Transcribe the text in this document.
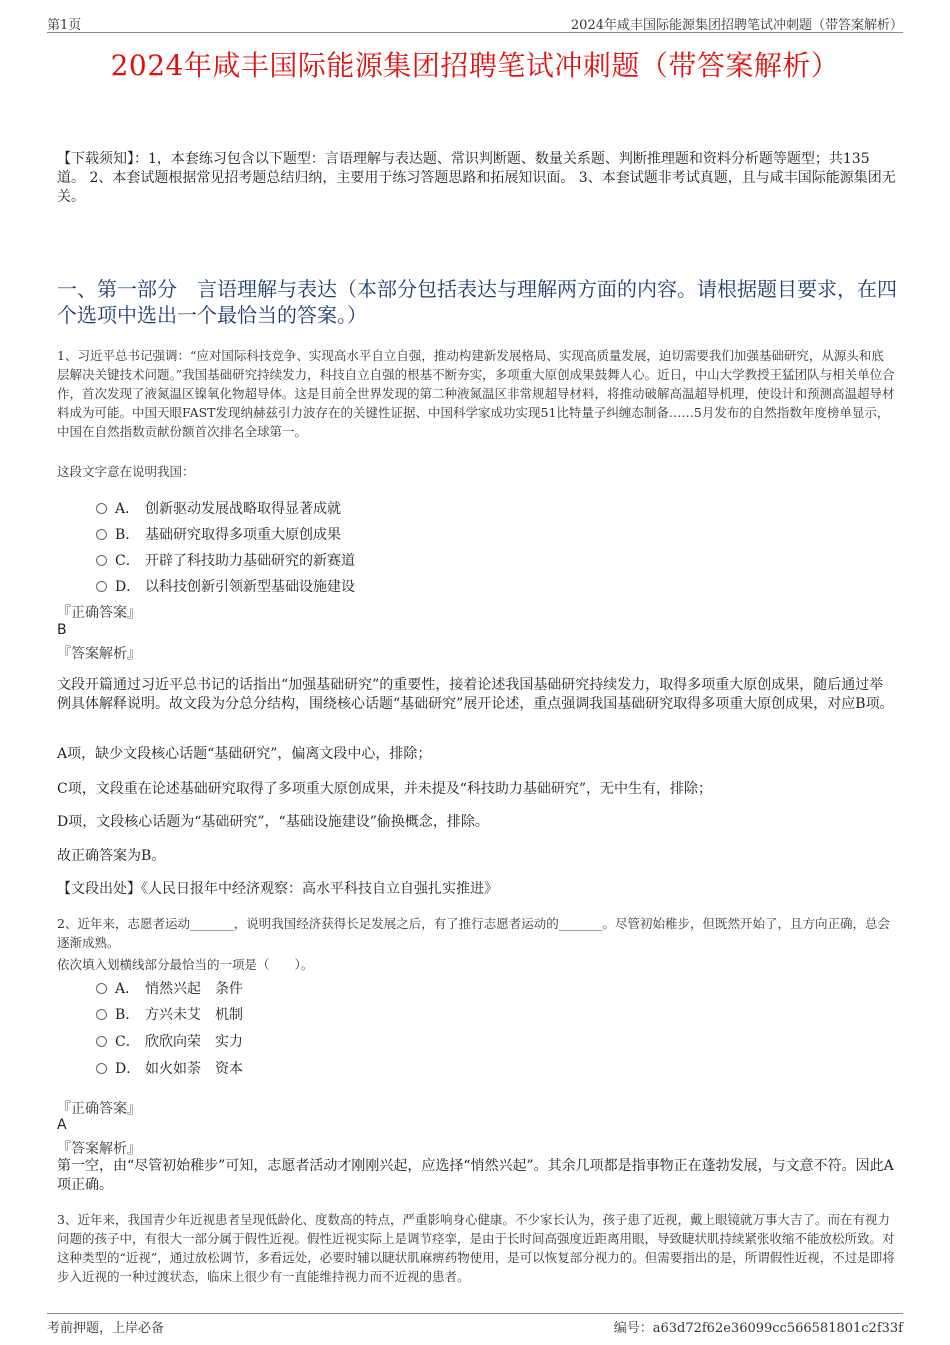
第1页	2024年咸丰国际能源集团招聘笔试冲刺题（带答案解析）
2024年咸丰国际能源集团招聘笔试冲刺题（带答案解析）
【下载须知】：1，本套练习包含以下题型：言语理解与表达题、常识判断题、数量关系题、判断推理题和资料分析题等题型；共135道。 2、本套试题根据常见招考题总结归纳，主要用于练习答题思路和拓展知识面。 3、本套试题非考试真题，且与咸丰国际能源集团无关。
一、第一部分　言语理解与表达（本部分包括表达与理解两方面的内容。请根据题目要求，在四个选项中选出一个最恰当的答案。）
1、习近平总书记强调：“应对国际科技竞争、实现高水平自立自强，推动构建新发展格局、实现高质量发展，迫切需要我们加强基础研究，从源头和底层解决关键技术问题。”我国基础研究持续发力，科技自立自强的根基不断夯实，多项重大原创成果鼓舞人心。近日，中山大学教授王猛团队与相关单位合作，首次发现了液氮温区镍氧化物超导体。这是目前全世界发现的第二种液氮温区非常规超导材料，将推动破解高温超导机理，使设计和预测高温超导材料成为可能。中国天眼FAST发现纳赫兹引力波存在的关键性证据、中国科学家成功实现51比特量子纠缠态制备……5月发布的自然指数年度榜单显示，中国在自然指数贡献份额首次排名全球第一。
这段文字意在说明我国：
A． 创新驱动发展战略取得显著成就
B． 基础研究取得多项重大原创成果
C． 开辟了科技助力基础研究的新赛道
D． 以科技创新引领新型基础设施建设
『正确答案』
B
『答案解析』
文段开篇通过习近平总书记的话指出“加强基础研究”的重要性，接着论述我国基础研究持续发力，取得多项重大原创成果，随后通过举例具体解释说明。故文段为分总分结构，围绕核心话题“基础研究”展开论述，重点强调我国基础研究取得多项重大原创成果，对应B项。
A项，缺少文段核心话题“基础研究”，偏离文段中心，排除；
C项，文段重在论述基础研究取得了多项重大原创成果，并未提及“科技助力基础研究”，无中生有，排除；
D项，文段核心话题为“基础研究”，“基础设施建设”偷换概念，排除。
故正确答案为B。
【文段出处】《人民日报年中经济观察：高水平科技自立自强扎实推进》
2、近年来，志愿者运动_______，说明我国经济获得长足发展之后，有了推行志愿者运动的_______。尽管初始稚步，但既然开始了，且方向正确，总会逐渐成熟。
依次填入划横线部分最恰当的一项是（　　）。
A． 悄然兴起　条件
B． 方兴未艾　机制
C． 欣欣向荣　实力
D． 如火如荼　资本
『正确答案』
A
『答案解析』
第一空，由“尽管初始稚步”可知，志愿者活动才刚刚兴起，应选择“悄然兴起”。其余几项都是指事物正在蓬勃发展，与文意不符。因此A项正确。
3、近年来，我国青少年近视患者呈现低龄化、度数高的特点，严重影响身心健康。不少家长认为，孩子患了近视，戴上眼镜就万事大吉了。而在有视力问题的孩子中，有很大一部分属于假性近视。假性近视实际上是调节痉挛，是由于长时间高强度近距离用眼，导致睫状肌持续紧张收缩不能放松所致。对这种类型的“近视”，通过放松调节，多看远处，必要时辅以睫状肌麻痹药物使用，是可以恢复部分视力的。但需要指出的是，所谓假性近视，不过是即将步入近视的一种过渡状态，临床上很少有一直能维持视力而不近视的患者。
考前押题，上岸必备	编号：a63d72f62e36099cc566581801c2f33f
